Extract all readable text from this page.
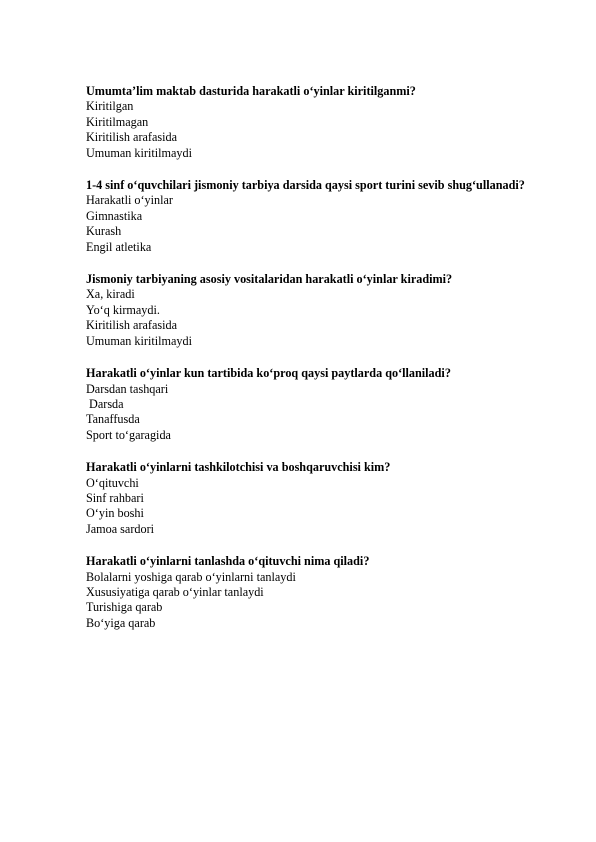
Umumta’lim maktab dasturida harakatli o‘yinlar kiritilganmi?

Kiritilgan

Kiritilmagan

Kiritilish arafasida

Umuman kiritilmaydi

1-4 sinf o‘quvchilari jismoniy tarbiya darsida qaysi sport turini sevib shug‘ullanadi?

Harakatli o‘yinlar

Gimnastika

Kurash

Engil atletika

Jismoniy tarbiyaning asosiy vositalaridan harakatli o‘yinlar kiradimi?

Xa, kiradi

Yo‘q kirmaydi.

Kiritilish arafasida

Umuman kiritilmaydi

Harakatli o‘yinlar kun tartibida ko‘proq qaysi paytlarda qo‘llaniladi?

Darsdan tashqari

Darsda

Tanaffusda

Sport to‘garagida

Harakatli o‘yinlarni tashkilotchisi va boshqaruvchisi kim?

O‘qituvchi

Sinf rahbari

O‘yin boshi

Jamoa sardori

Harakatli o‘yinlarni tanlashda o‘qituvchi nima qiladi?

Bolalarni yoshiga qarab o‘yinlarni tanlaydi

Xususiyatiga qarab o‘yinlar tanlaydi

Turishiga qarab

Bo‘yiga qarab
